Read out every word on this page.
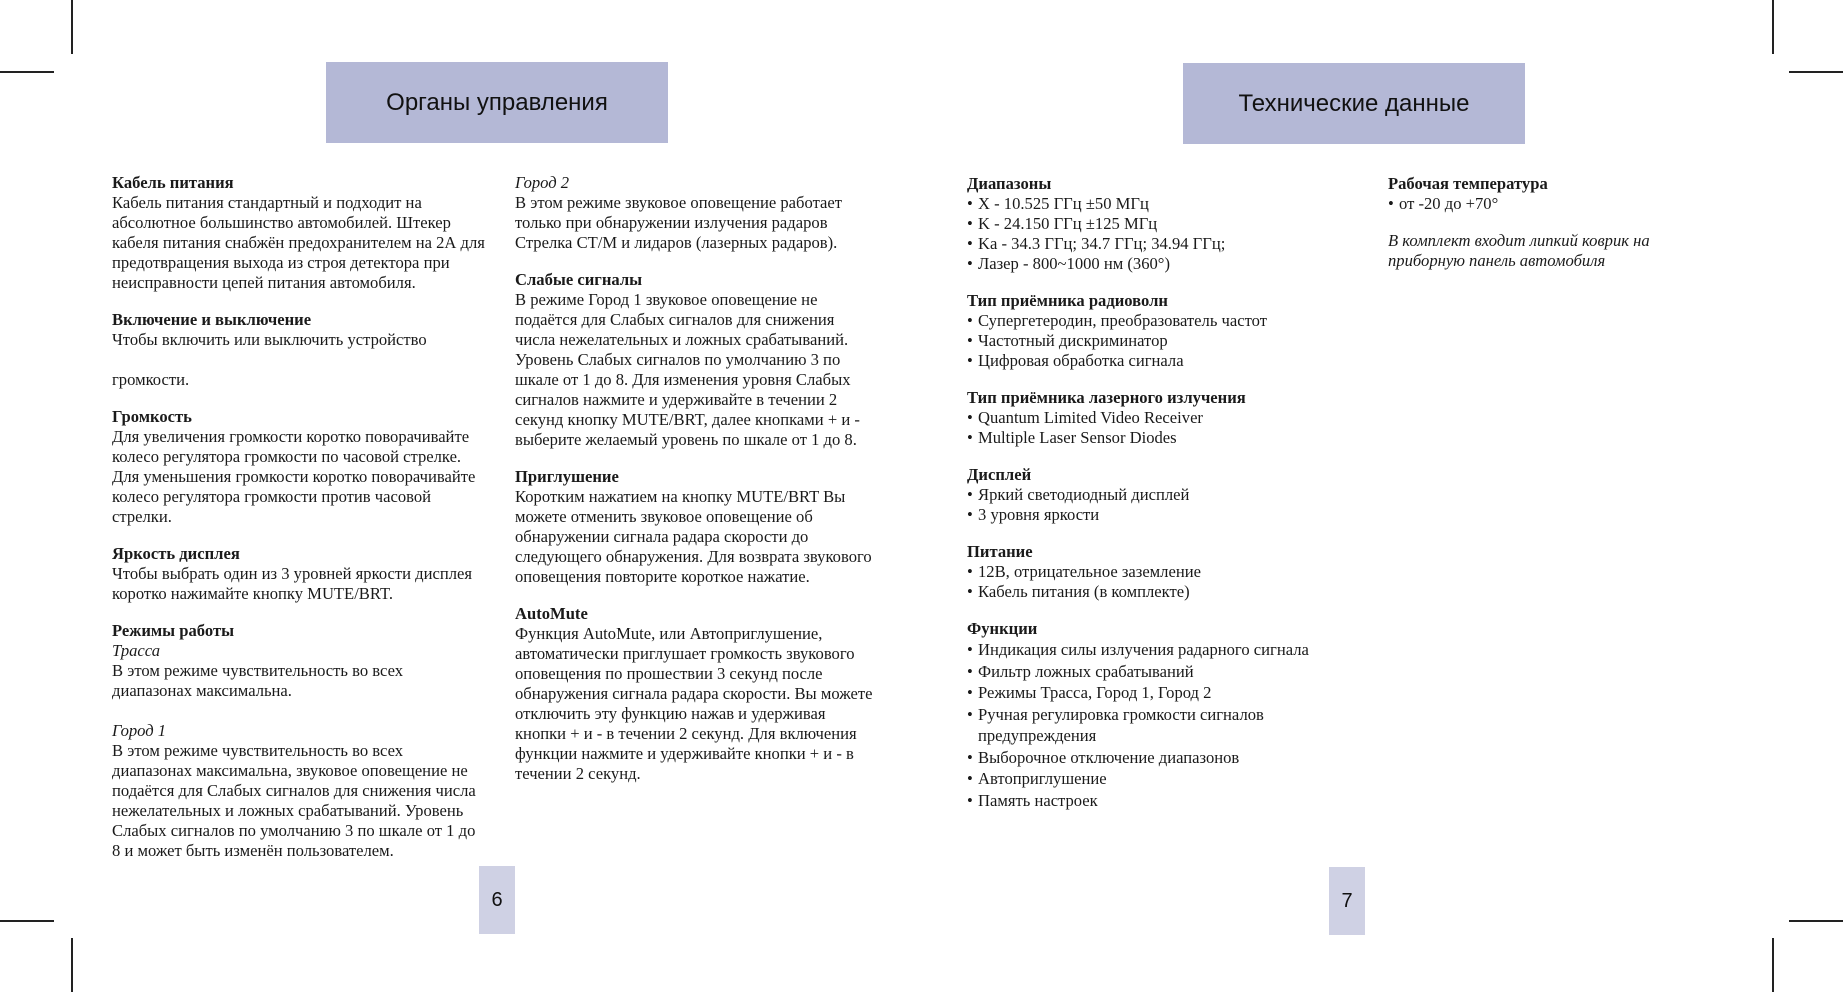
Органы управления

Кабель питания

Кабель питания стандартный и подходит на абсолютное большинство автомобилей. Штекер кабеля питания снабжён предохранителем на 2А для предотвращения выхода из строя детектора при неисправности цепей питания автомобиля.

Включение и выключение

Чтобы включить или выключить устройство

громкости.

Громкость

Для увеличения громкости коротко поворачивайте колесо регулятора громкости по часовой стрелке. Для уменьшения громкости коротко поворачивайте колесо регулятора громкости против часовой стрелки.

Яркость дисплея

Чтобы выбрать один из 3 уровней яркости дисплея коротко нажимайте кнопку MUTE/BRT.

Режимы работы

Трасса

В этом режиме чувствительность во всех диапазонах максимальна.

Город 1

В этом режиме чувствительность во всех диапазонах максимальна, звуковое оповещение не подаётся для Слабых сигналов для снижения числа нежелательных и ложных срабатываний. Уровень Слабых сигналов по умолчанию 3 по шкале от 1 до 8 и может быть изменён пользователем.

Город 2

В этом режиме звуковое оповещение работает только при обнаружении излучения радаров Стрелка СТ/М и лидаров (лазерных радаров).

Слабые сигналы

В режиме Город 1 звуковое оповещение не подаётся для Слабых сигналов для снижения числа нежелательных и ложных срабатываний. Уровень Слабых сигналов по умолчанию 3 по шкале от 1 до 8. Для изменения уровня Слабых сигналов нажмите и удерживайте в течении 2 секунд кнопку MUTE/BRT, далее кнопками + и - выберите желаемый уровень по шкале от 1 до 8.

Приглушение

Коротким нажатием на кнопку MUTE/BRT Вы можете отменить звуковое оповещение об обнаружении сигнала радара скорости до следующего обнаружения. Для возврата звукового оповещения повторите короткое нажатие.

AutoMute

Функция AutoMute, или Автоприглушение, автоматически приглушает громкость звукового оповещения по прошествии 3 секунд после обнаружения сигнала радара скорости. Вы можете отключить эту функцию нажав и удерживая кнопки + и - в течении 2 секунд. Для включения функции нажмите и удерживайте кнопки + и - в течении 2 секунд.

6
Технические данные

Диапазоны

• X - 10.525 ГГц ±50 МГц
• K - 24.150 ГГц ±125 МГц
• Ka - 34.3 ГГц; 34.7 ГГц; 34.94 ГГц;
• Лазер - 800~1000 нм (360°)

Тип приёмника радиоволн

• Супергетеродин, преобразователь частот
• Частотный дискриминатор
• Цифровая обработка сигнала

Тип приёмника лазерного излучения

• Quantum Limited Video Receiver
• Multiple Laser Sensor Diodes

Дисплей

• Яркий светодиодный дисплей
• 3 уровня яркости

Питание

• 12В, отрицательное заземление
• Кабель питания (в комплекте)

Функции

• Индикация силы излучения радарного сигнала
• Фильтр ложных срабатываний
• Режимы Трасса, Город 1, Город 2
• Ручная регулировка громкости сигналов предупреждения
• Выборочное отключение диапазонов
• Автоприглушение
• Память настроек

Рабочая температура

• от -20 до +70°

В комплект входит липкий коврик на приборную панель автомобиля

7
